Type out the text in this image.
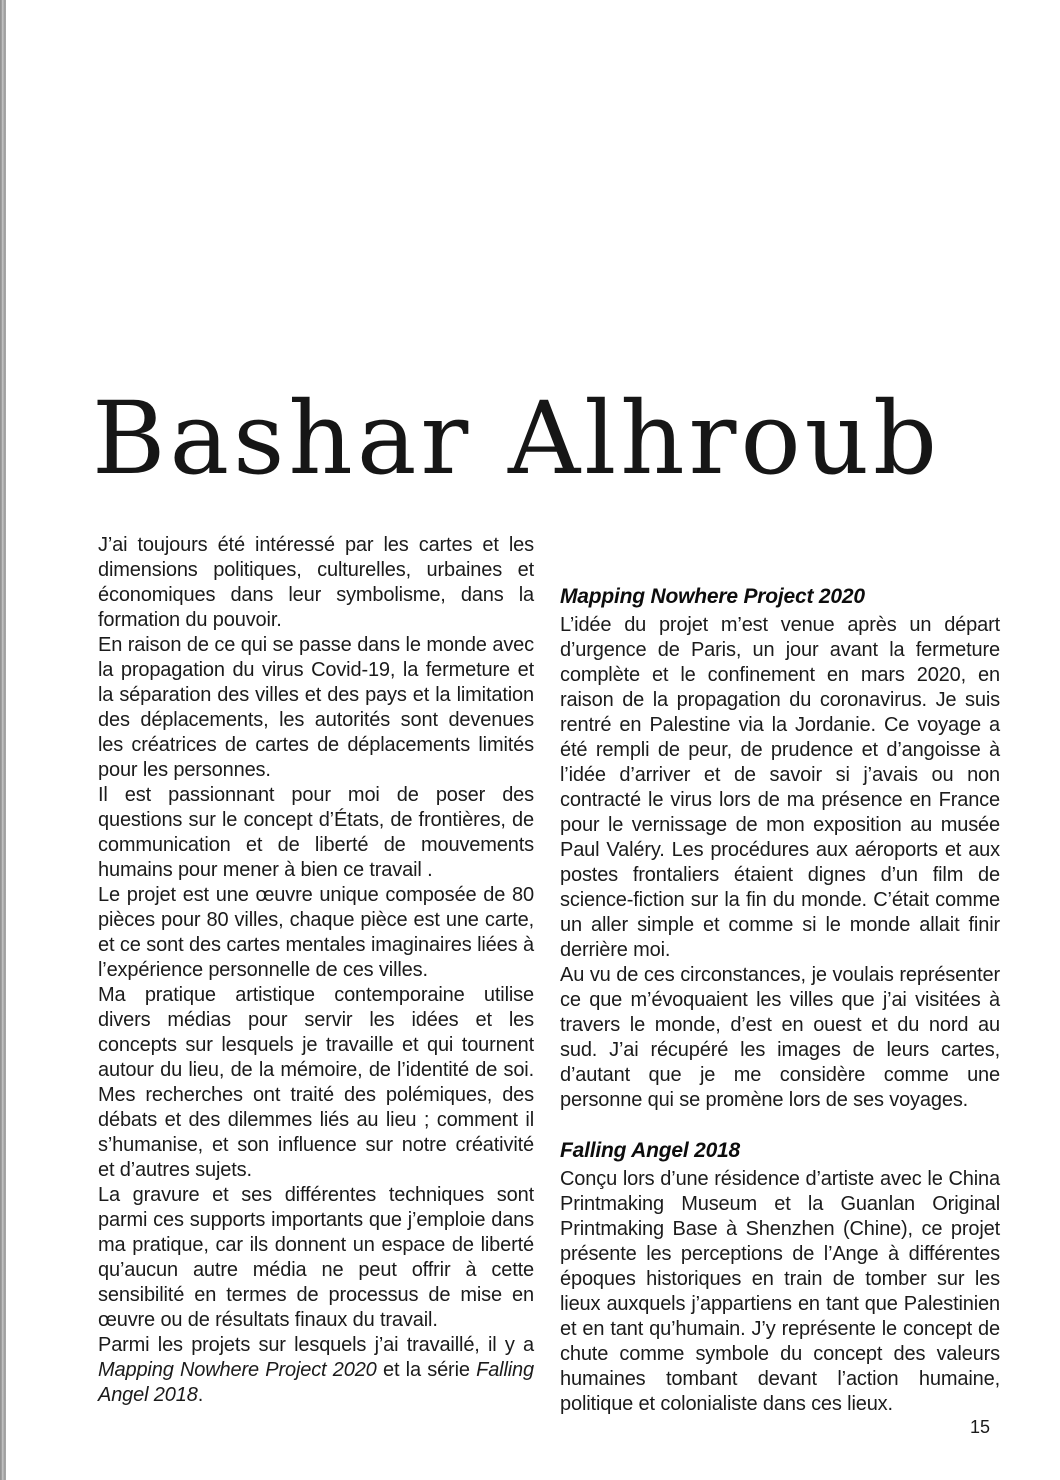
Bashar Alhroub

J’ai toujours été intéressé par les cartes et les dimensions politiques, culturelles, urbaines et économiques dans leur symbolisme, dans la formation du pouvoir.

En raison de ce qui se passe dans le monde avec la propagation du virus Covid-19, la fermeture et la séparation des villes et des pays et la limitation des déplacements, les autorités sont devenues les créatrices de cartes de déplacements limités pour les personnes.

Il est passionnant pour moi de poser des questions sur le concept d’États, de frontières, de communication et de liberté de mouvements humains pour mener à bien ce travail .

Le projet est une œuvre unique composée de 80 pièces pour 80 villes, chaque pièce est une carte, et ce sont des cartes mentales imaginaires liées à l’expérience personnelle de ces villes.

Ma pratique artistique contemporaine utilise divers médias pour servir les idées et les concepts sur lesquels je travaille et qui tournent autour du lieu, de la mémoire, de l’identité de soi. Mes recherches ont traité des polémiques, des débats et des dilemmes liés au lieu ; comment il s’humanise, et son influence sur notre créativité et d’autres sujets.

La gravure et ses différentes techniques sont parmi ces supports importants que j’emploie dans ma pratique, car ils donnent un espace de liberté qu’aucun autre média ne peut offrir à cette sensibilité en termes de processus de mise en œuvre ou de résultats finaux du travail.

Parmi les projets sur lesquels j’ai travaillé, il y a Mapping Nowhere Project 2020 et la série Falling Angel 2018.

Mapping Nowhere Project 2020

L’idée du projet m’est venue après un départ d’urgence de Paris, un jour avant la fermeture complète et le confinement en mars 2020, en raison de la propagation du coronavirus. Je suis rentré en Palestine via la Jordanie. Ce voyage a été rempli de peur, de prudence et d’angoisse à l’idée d’arriver et de savoir si j’avais ou non contracté le virus lors de ma présence en France pour le vernissage de mon exposition au musée Paul Valéry. Les procédures aux aéroports et aux postes frontaliers étaient dignes d’un film de science-fiction sur la fin du monde. C’était comme un aller simple et comme si le monde allait finir derrière moi.

Au vu de ces circonstances, je voulais représenter ce que m’évoquaient les villes que j’ai visitées à travers le monde, d’est en ouest et du nord au sud. J’ai récupéré les images de leurs cartes, d’autant que je me considère comme une personne qui se promène lors de ses voyages.

Falling Angel 2018

Conçu lors d’une résidence d’artiste avec le China Printmaking Museum et la Guanlan Original Printmaking Base à Shenzhen (Chine), ce projet présente les perceptions de l’Ange à différentes époques historiques en train de tomber sur les lieux auxquels j’appartiens en tant que Palestinien et en tant qu’humain. J’y représente le concept de chute comme symbole du concept des valeurs humaines tombant devant l’action humaine, politique et colonialiste dans ces lieux.

15
